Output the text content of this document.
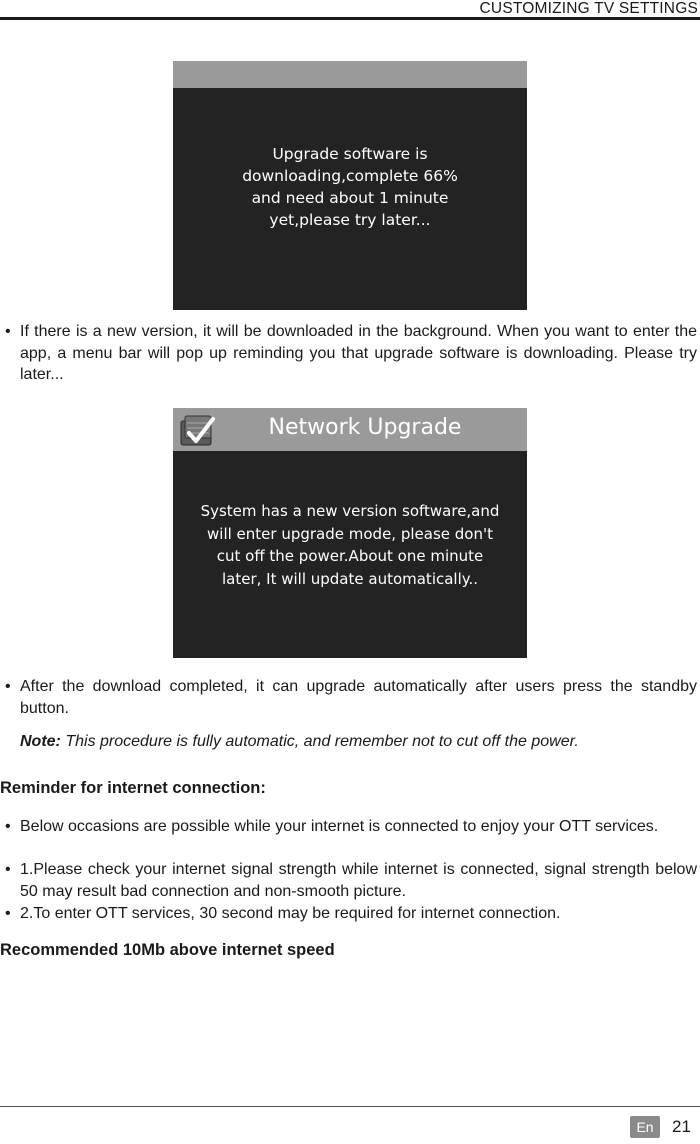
CUSTOMIZING TV SETTINGS
Upgrade software is
downloading,complete 66%
and need about 1 minute
yet,please try later...
• If there is a new version, it will be downloaded in the background. When you want to enter the app, a menu bar will pop up reminding you that upgrade software is downloading. Please try later...
Network Upgrade
System has a new version software,and
will enter upgrade mode, please don't
cut off the power.About one minute
later, It will update automatically..
• After the download completed, it can upgrade automatically after users press the standby button.
Note: This procedure is fully automatic, and remember not to cut off the power.
Reminder for internet connection:
• Below occasions are possible while your internet is connected to enjoy your OTT services.
• 1.Please check your internet signal strength while internet is connected, signal strength below 50 may result bad connection and non-smooth picture.
• 2.To enter OTT services, 30 second may be required for internet connection.
Recommended 10Mb above internet speed
En	21
